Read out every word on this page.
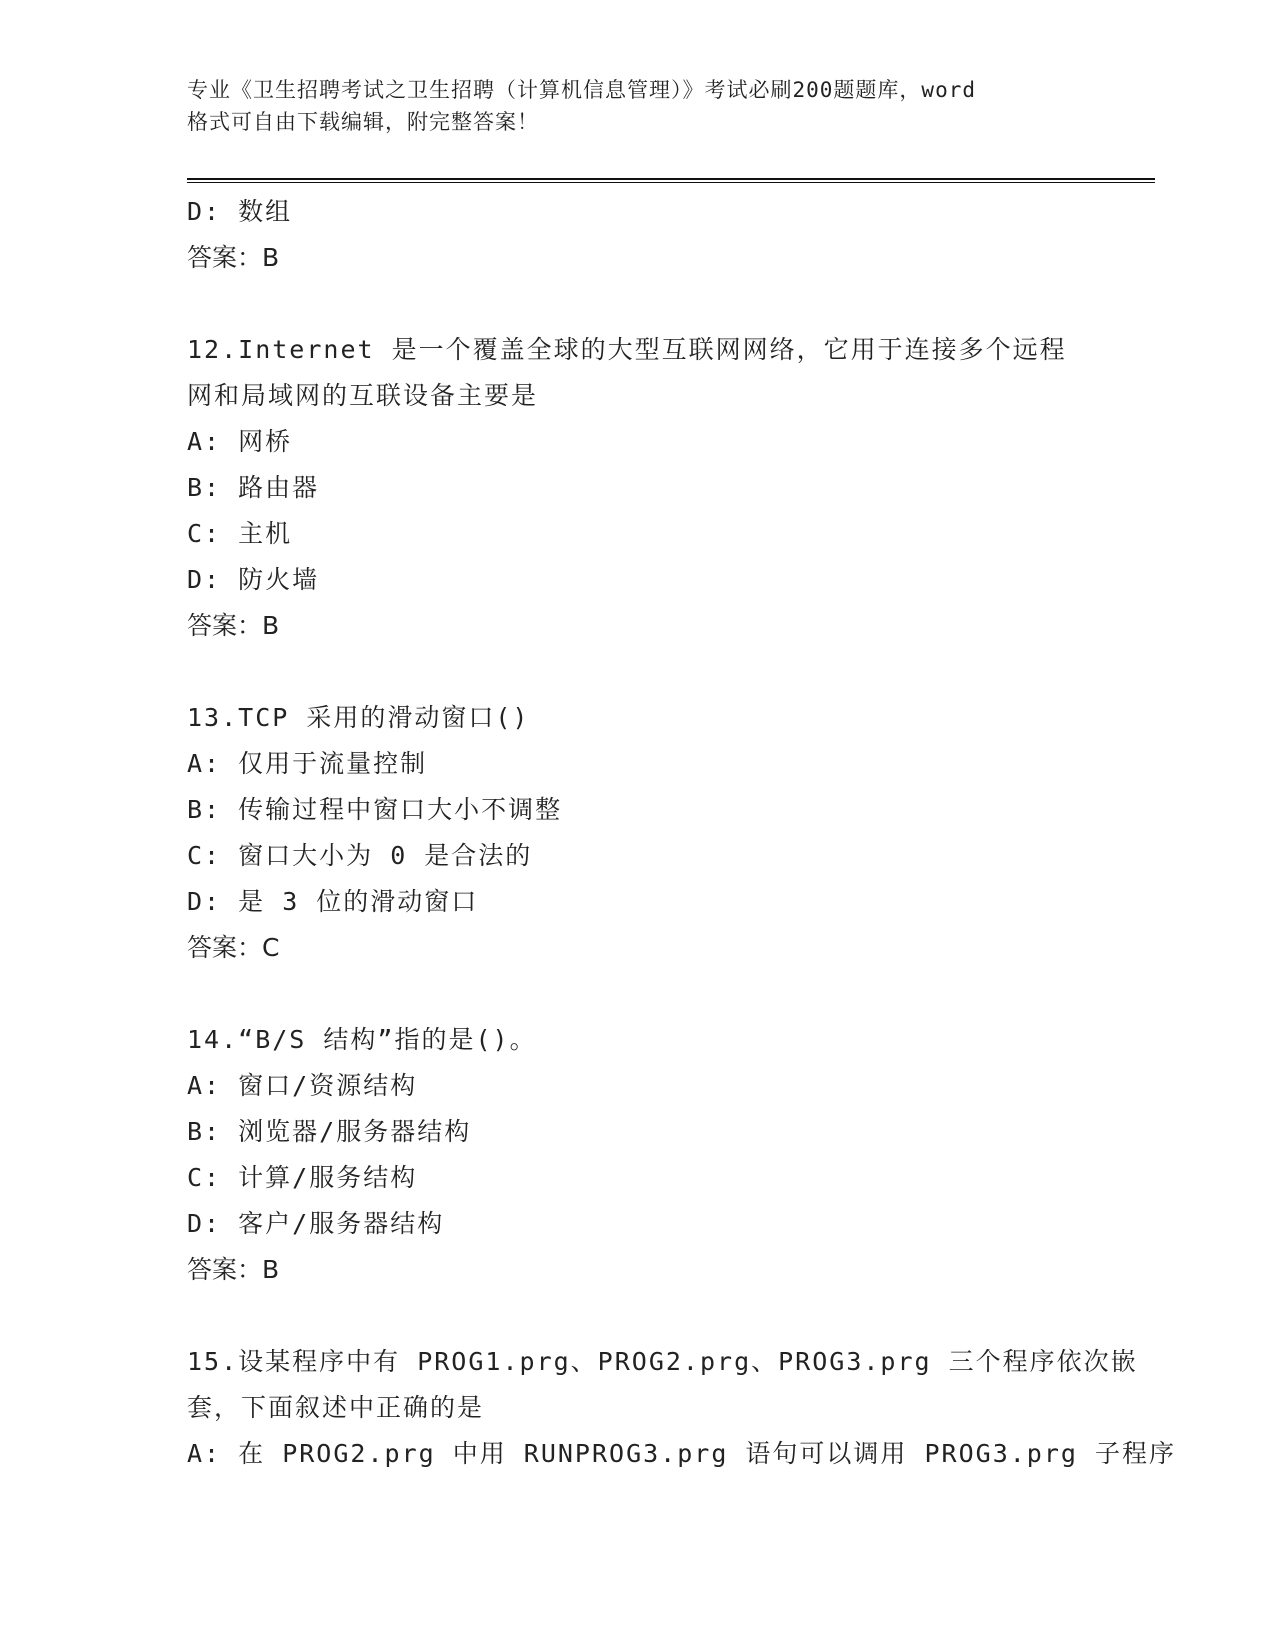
专业《卫生招聘考试之卫生招聘（计算机信息管理）》考试必刷200题题库，word
格式可自由下载编辑，附完整答案！
D: 数组
答案：B
12.Internet 是一个覆盖全球的大型互联网网络，它用于连接多个远程
网和局域网的互联设备主要是
A: 网桥
B: 路由器
C: 主机
D: 防火墙
答案：B
13.TCP 采用的滑动窗口()
A: 仅用于流量控制
B: 传输过程中窗口大小不调整
C: 窗口大小为 0 是合法的
D: 是 3 位的滑动窗口
答案：C
14.“B/S 结构”指的是()。
A: 窗口/资源结构
B: 浏览器/服务器结构
C: 计算/服务结构
D: 客户/服务器结构
答案：B
15.设某程序中有 PROG1.prg、PROG2.prg、PROG3.prg 三个程序依次嵌
套，下面叙述中正确的是
A: 在 PROG2.prg 中用 RUNPROG3.prg 语句可以调用 PROG3.prg 子程序
